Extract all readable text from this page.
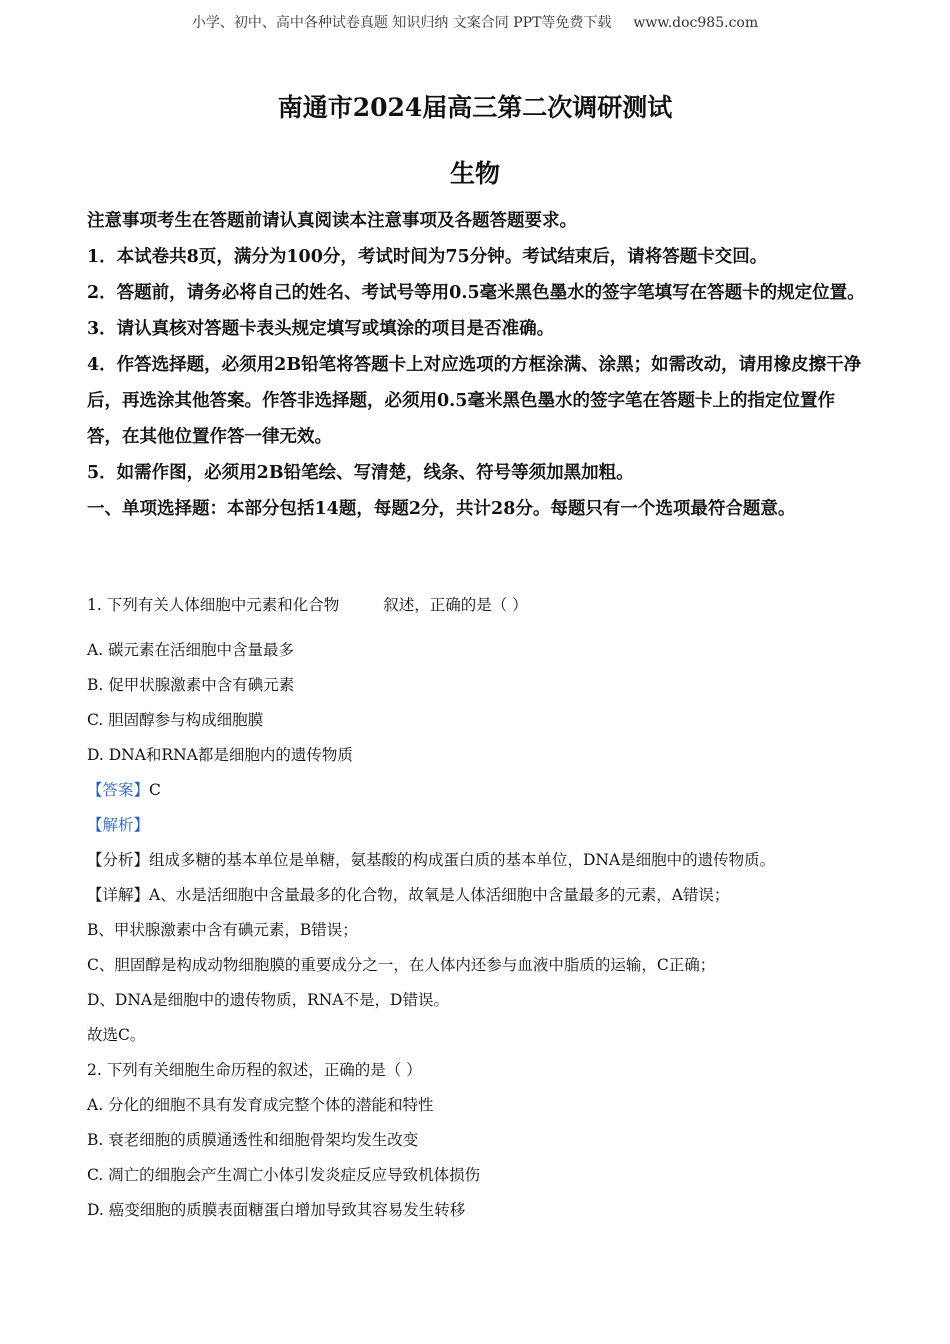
小学、初中、高中各种试卷真题 知识归纳 文案合同 PPT等免费下载 www.doc985.com
南通市2024届高三第二次调研测试
生物

注意事项考生在答题前请认真阅读本注意事项及各题答题要求。

1．本试卷共8页，满分为100分，考试时间为75分钟。考试结束后，请将答题卡交回。

2．答题前，请务必将自己的姓名、考试号等用0.5毫米黑色墨水的签字笔填写在答题卡的规定位置。

3．请认真核对答题卡表头规定填写或填涂的项目是否准确。

4．作答选择题，必须用2B铅笔将答题卡上对应选项的方框涂满、涂黑；如需改动，请用橡皮擦干净后，再选涂其他答案。作答非选择题，必须用0.5毫米黑色墨水的签字笔在答题卡上的指定位置作答，在其他位置作答一律无效。

5．如需作图，必须用2B铅笔绘、写清楚，线条、符号等须加黑加粗。

一、单项选择题：本部分包括14题，每题2分，共计28分。每题只有一个选项最符合题意。

1. 下列有关人体细胞中元素和化合物	叙述，正确的是（ ）

A. 碳元素在活细胞中含量最多

B. 促甲状腺激素中含有碘元素

C. 胆固醇参与构成细胞膜

D. DNA和RNA都是细胞内的遗传物质

【答案】C

【解析】

【分析】组成多糖的基本单位是单糖，氨基酸的构成蛋白质的基本单位，DNA是细胞中的遗传物质。

【详解】A、水是活细胞中含量最多的化合物，故氧是人体活细胞中含量最多的元素，A错误；

B、甲状腺激素中含有碘元素，B错误；

C、胆固醇是构成动物细胞膜的重要成分之一，在人体内还参与血液中脂质的运输，C正确；

D、DNA是细胞中的遗传物质，RNA不是，D错误。

故选C。

2. 下列有关细胞生命历程的叙述，正确的是（ ）

A. 分化的细胞不具有发育成完整个体的潜能和特性

B. 衰老细胞的质膜通透性和细胞骨架均发生改变

C. 凋亡的细胞会产生凋亡小体引发炎症反应导致机体损伤

D. 癌变细胞的质膜表面糖蛋白增加导致其容易发生转移
